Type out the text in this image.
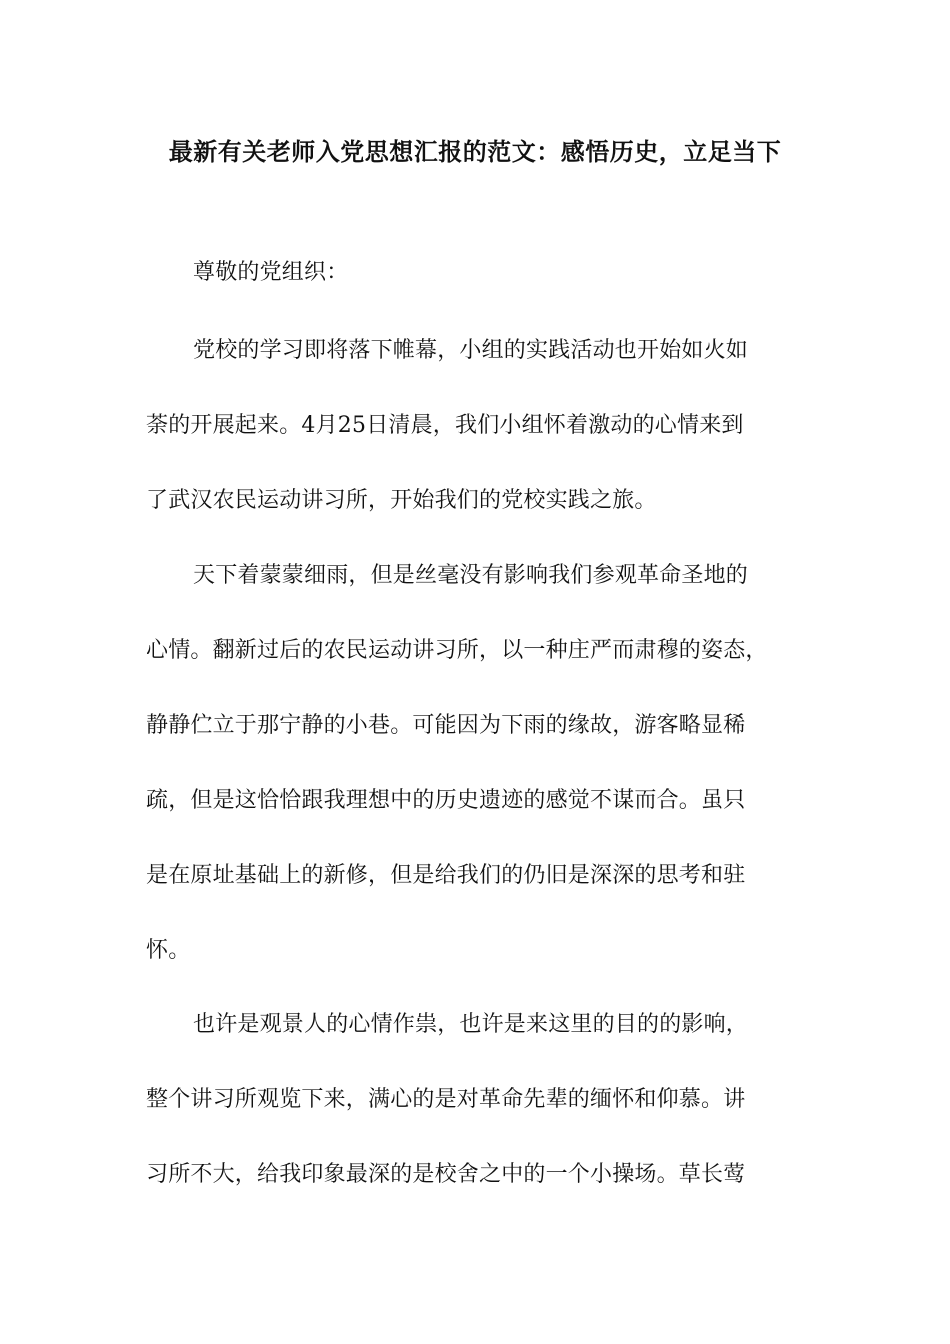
最新有关老师入党思想汇报的范文：感悟历史，立足当下
尊敬的党组织：
党校的学习即将落下帷幕，小组的实践活动也开始如火如
荼的开展起来。4月25日清晨，我们小组怀着激动的心情来到
了武汉农民运动讲习所，开始我们的党校实践之旅。
天下着蒙蒙细雨，但是丝毫没有影响我们参观革命圣地的
心情。翻新过后的农民运动讲习所，以一种庄严而肃穆的姿态，
静静伫立于那宁静的小巷。可能因为下雨的缘故，游客略显稀
疏，但是这恰恰跟我理想中的历史遗迹的感觉不谋而合。虽只
是在原址基础上的新修，但是给我们的仍旧是深深的思考和驻
怀。
也许是观景人的心情作祟，也许是来这里的目的的影响，
整个讲习所观览下来，满心的是对革命先辈的缅怀和仰慕。讲
习所不大，给我印象最深的是校舍之中的一个小操场。草长莺
